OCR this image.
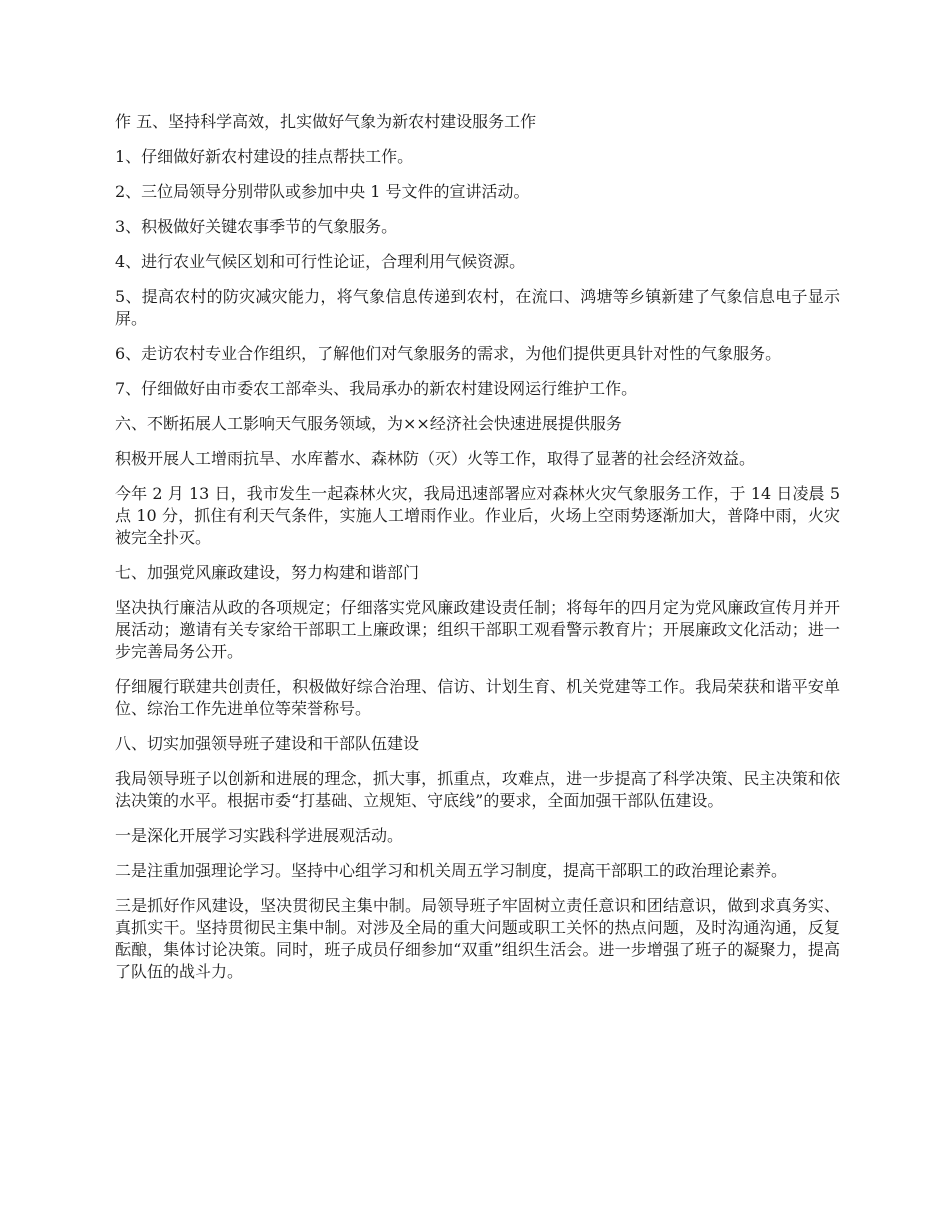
作 五、坚持科学高效，扎实做好气象为新农村建设服务工作

1、仔细做好新农村建设的挂点帮扶工作。

2、三位局领导分别带队或参加中央 1 号文件的宣讲活动。

3、积极做好关键农事季节的气象服务。

4、进行农业气候区划和可行性论证，合理利用气候资源。

5、提高农村的防灾减灾能力，将气象信息传递到农村，在流口、鸿塘等乡镇新建了气象信息电子显示屏。

6、走访农村专业合作组织，了解他们对气象服务的需求，为他们提供更具针对性的气象服务。

7、仔细做好由市委农工部牵头、我局承办的新农村建设网运行维护工作。

六、不断拓展人工影响天气服务领域，为××经济社会快速进展提供服务

积极开展人工增雨抗旱、水库蓄水、森林防（灭）火等工作，取得了显著的社会经济效益。

今年 2 月 13 日，我市发生一起森林火灾，我局迅速部署应对森林火灾气象服务工作，于 14 日凌晨 5 点 10 分，抓住有利天气条件，实施人工增雨作业。作业后，火场上空雨势逐渐加大，普降中雨，火灾被完全扑灭。

七、加强党风廉政建设，努力构建和谐部门

坚决执行廉洁从政的各项规定；仔细落实党风廉政建设责任制；将每年的四月定为党风廉政宣传月并开展活动；邀请有关专家给干部职工上廉政课；组织干部职工观看警示教育片；开展廉政文化活动；进一步完善局务公开。

仔细履行联建共创责任，积极做好综合治理、信访、计划生育、机关党建等工作。我局荣获和谐平安单位、综治工作先进单位等荣誉称号。

八、切实加强领导班子建设和干部队伍建设

我局领导班子以创新和进展的理念，抓大事，抓重点，攻难点，进一步提高了科学决策、民主决策和依法决策的水平。根据市委“打基础、立规矩、守底线”的要求，全面加强干部队伍建设。

一是深化开展学习实践科学进展观活动。

二是注重加强理论学习。坚持中心组学习和机关周五学习制度，提高干部职工的政治理论素养。

三是抓好作风建设，坚决贯彻民主集中制。局领导班子牢固树立责任意识和团结意识，做到求真务实、真抓实干。坚持贯彻民主集中制。对涉及全局的重大问题或职工关怀的热点问题，及时沟通沟通，反复酝酿，集体讨论决策。同时，班子成员仔细参加“双重”组织生活会。进一步增强了班子的凝聚力，提高了队伍的战斗力。
